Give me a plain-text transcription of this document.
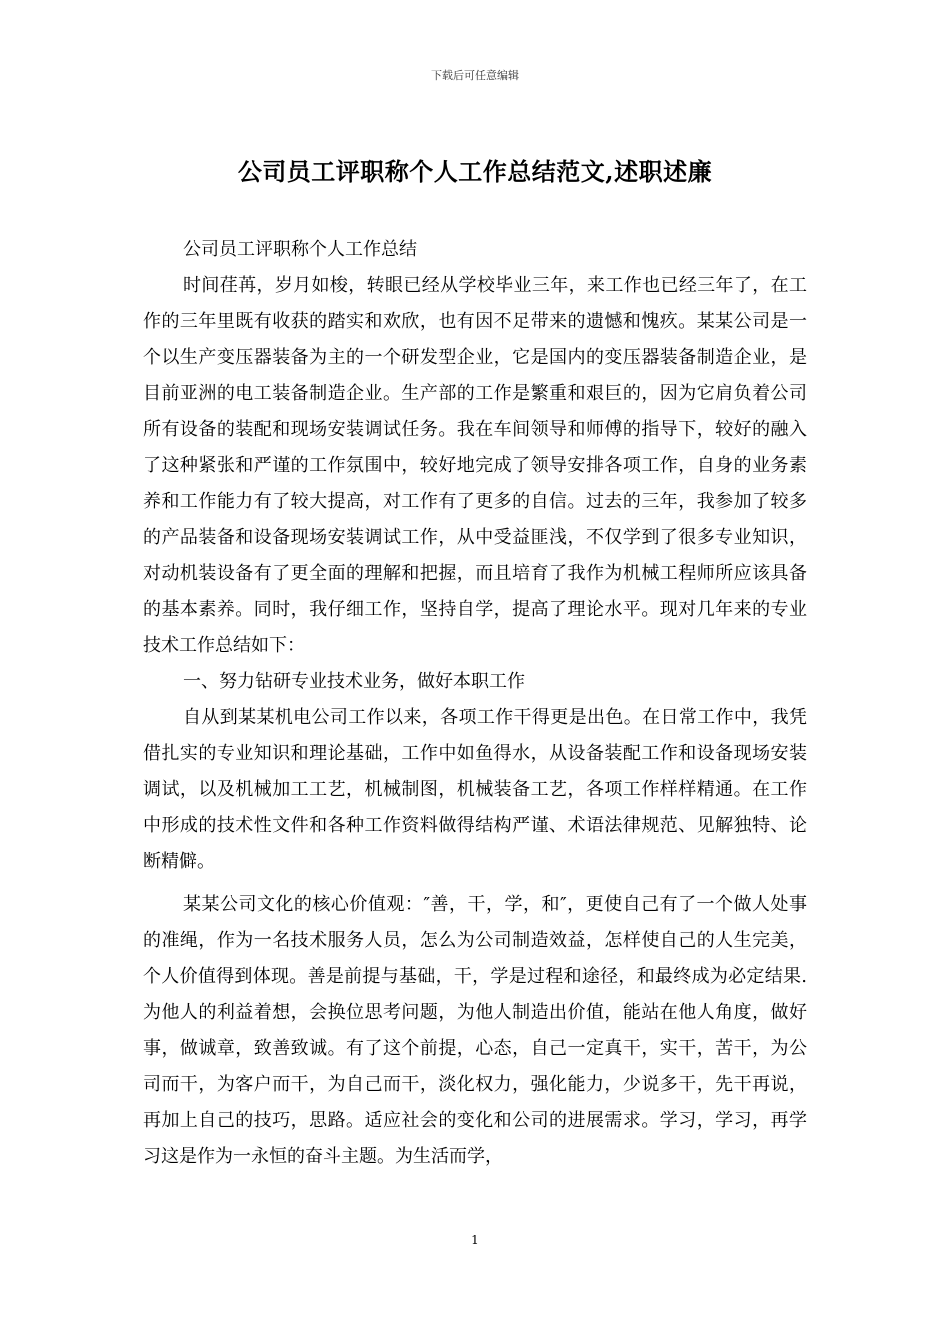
下载后可任意编辑
公司员工评职称个人工作总结范文,述职述廉

公司员工评职称个人工作总结

时间荏苒，岁月如梭，转眼已经从学校毕业三年，来工作也已经三年了，在工作的三年里既有收获的踏实和欢欣，也有因不足带来的遗憾和愧疚。某某公司是一个以生产变压器装备为主的一个研发型企业，它是国内的变压器装备制造企业，是目前亚洲的电工装备制造企业。生产部的工作是繁重和艰巨的，因为它肩负着公司所有设备的装配和现场安装调试任务。我在车间领导和师傅的指导下，较好的融入了这种紧张和严谨的工作氛围中，较好地完成了领导安排各项工作，自身的业务素养和工作能力有了较大提高，对工作有了更多的自信。过去的三年，我参加了较多的产品装备和设备现场安装调试工作，从中受益匪浅，不仅学到了很多专业知识，对动机装设备有了更全面的理解和把握，而且培育了我作为机械工程师所应该具备的基本素养。同时，我仔细工作，坚持自学，提高了理论水平。现对几年来的专业技术工作总结如下：

一、努力钻研专业技术业务，做好本职工作

自从到某某机电公司工作以来，各项工作干得更是出色。在日常工作中，我凭借扎实的专业知识和理论基础，工作中如鱼得水，从设备装配工作和设备现场安装调试，以及机械加工工艺，机械制图，机械装备工艺，各项工作样样精通。在工作中形成的技术性文件和各种工作资料做得结构严谨、术语法律规范、见解独特、论断精僻。

某某公司文化的核心价值观：″善，干，学，和″，更使自己有了一个做人处事的准绳，作为一名技术服务人员，怎么为公司制造效益，怎样使自己的人生完美，个人价值得到体现。善是前提与基础，干，学是过程和途径，和最终成为必定结果.为他人的利益着想，会换位思考问题，为他人制造出价值，能站在他人角度，做好事，做诚章，致善致诚。有了这个前提，心态，自己一定真干，实干，苦干，为公司而干，为客户而干，为自己而干，淡化权力，强化能力，少说多干，先干再说，再加上自己的技巧，思路。适应社会的变化和公司的进展需求。学习，学习，再学习这是作为一永恒的奋斗主题。为生活而学，

1
